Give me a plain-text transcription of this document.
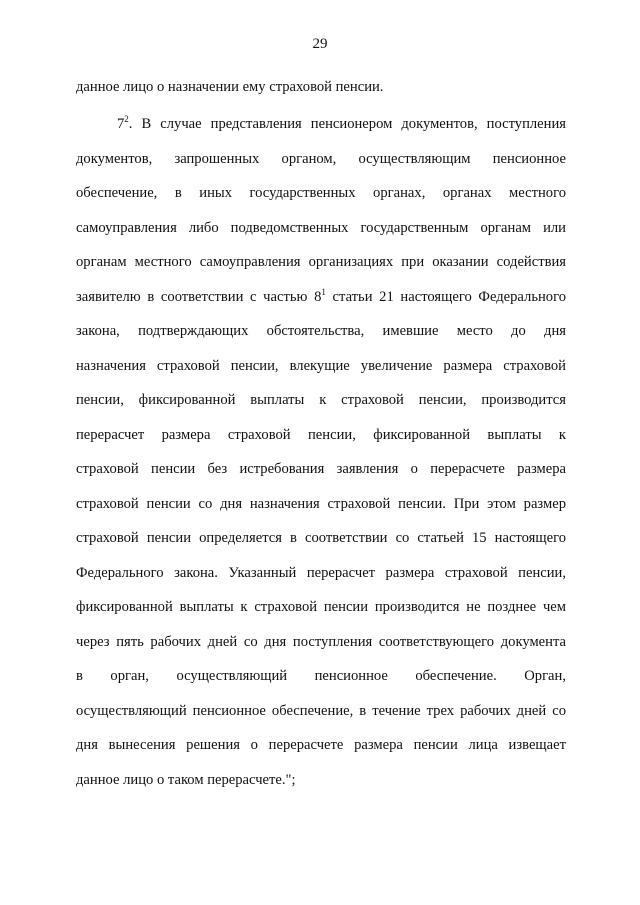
29
данное лицо о назначении ему страховой пенсии.
$7^2$. В случае представления пенсионером документов, поступления
документов, запрошенных органом, осуществляющим пенсионное
обеспечение, в иных государственных органах, органах местного
самоуправления либо подведомственных государственным органам или
органам местного самоуправления организациях при оказании содействия
заявителю в соответствии с частью $8^1$ статьи 21 настоящего Федерального
закона, подтверждающих обстоятельства, имевшие место до дня
назначения страховой пенсии, влекущие увеличение размера страховой
пенсии, фиксированной выплаты к страховой пенсии, производится
перерасчет размера страховой пенсии, фиксированной выплаты к
страховой пенсии без истребования заявления о перерасчете размера
страховой пенсии со дня назначения страховой пенсии. При этом размер
страховой пенсии определяется в соответствии со статьей 15 настоящего
Федерального закона. Указанный перерасчет размера страховой пенсии,
фиксированной выплаты к страховой пенсии производится не позднее чем
через пять рабочих дней со дня поступления соответствующего документа
в орган, осуществляющий пенсионное обеспечение. Орган,
осуществляющий пенсионное обеспечение, в течение трех рабочих дней со
дня вынесения решения о перерасчете размера пенсии лица извещает
данное лицо о таком перерасчете.";
